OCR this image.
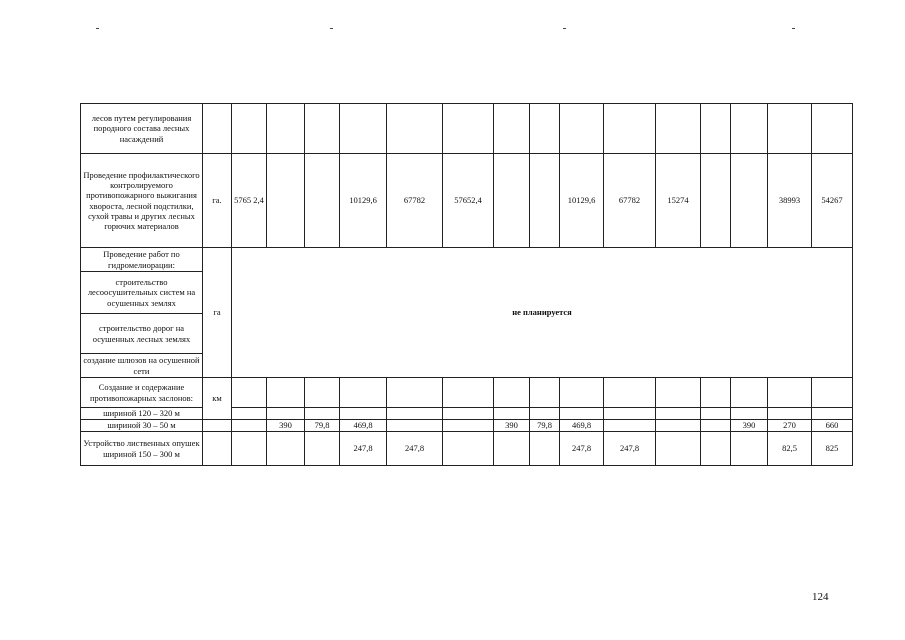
лесов путем регулирования породного состава лесных насаждений																
Проведение профилактического контролируемого противопожарного выжигания хвороста, лесной подстилки, сухой травы и других лесных горючих материалов	га.	5765 2,4			10129,6	67782	57652,4			10129,6	67782	15274			38993	54267
Проведение работ по гидромелиорации:	га	не планируется														
строительство лесоосушительных систем на осушенных землях																
строительство дорог на осушенных лесных землях																
создание шлюзов на осушенной сети																
Создание и содержание противопожарных заслонов:	км															
шириной 120 – 320 м																
шириной 30 – 50 м			390	79,8	469,8			390	79,8	469,8				390	270	660
Устройство лиственных опушек шириной 150 – 300 м					247,8	247,8				247,8	247,8				82,5	825
124
